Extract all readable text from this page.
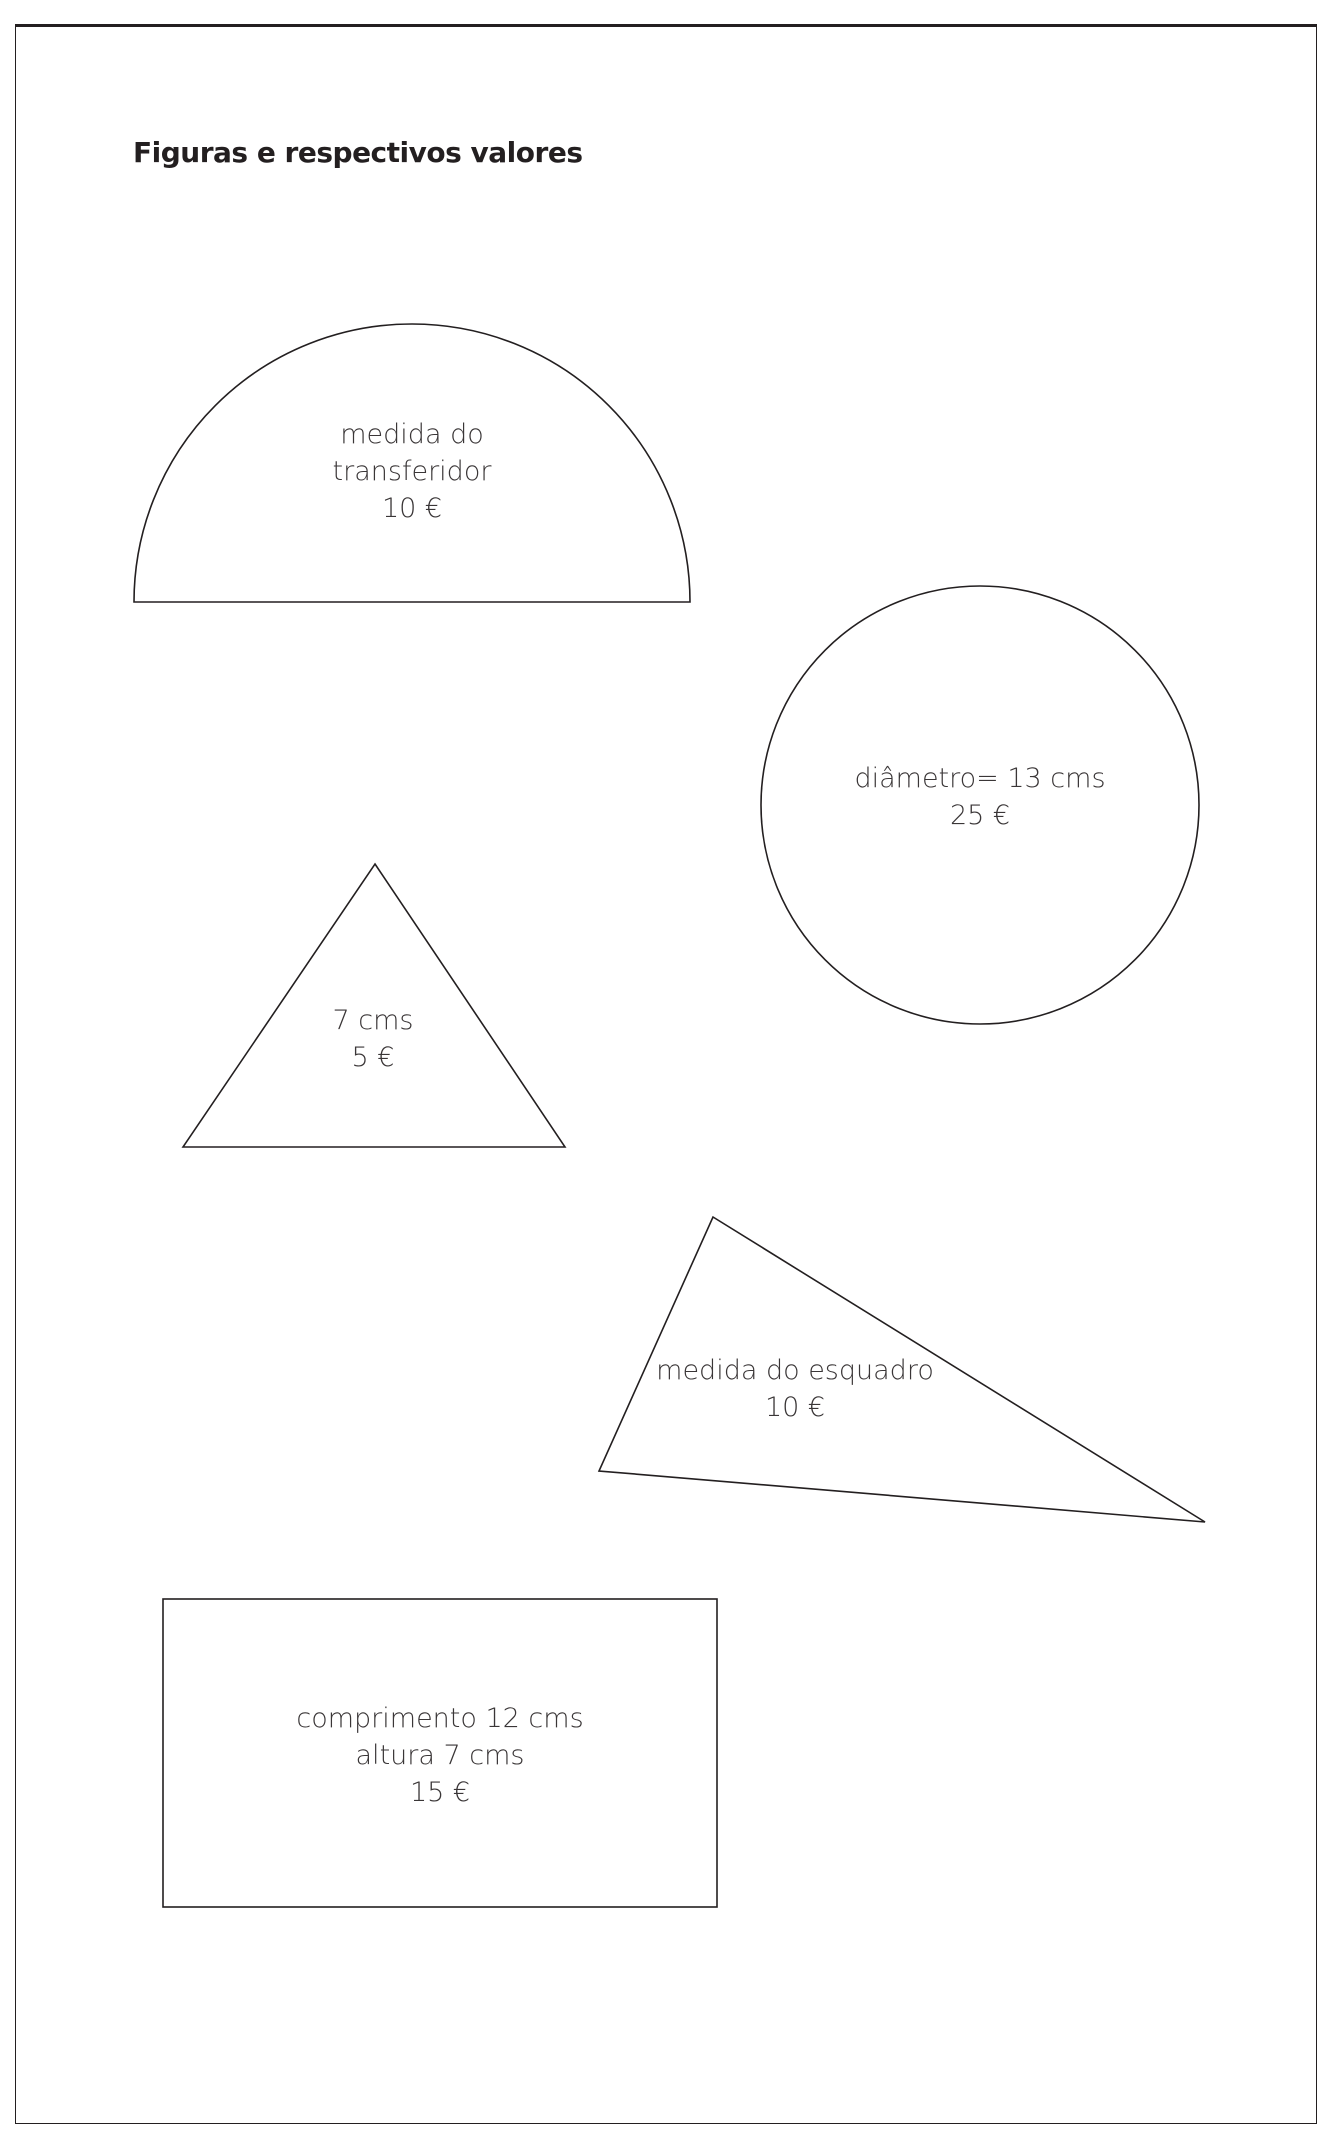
Figuras e respectivos valores
medida do
transferidor
10 €
diâmetro= 13 cms
25 €
7 cms
5 €
medida do esquadro
10 €
comprimento 12 cms
altura 7 cms
15 €
